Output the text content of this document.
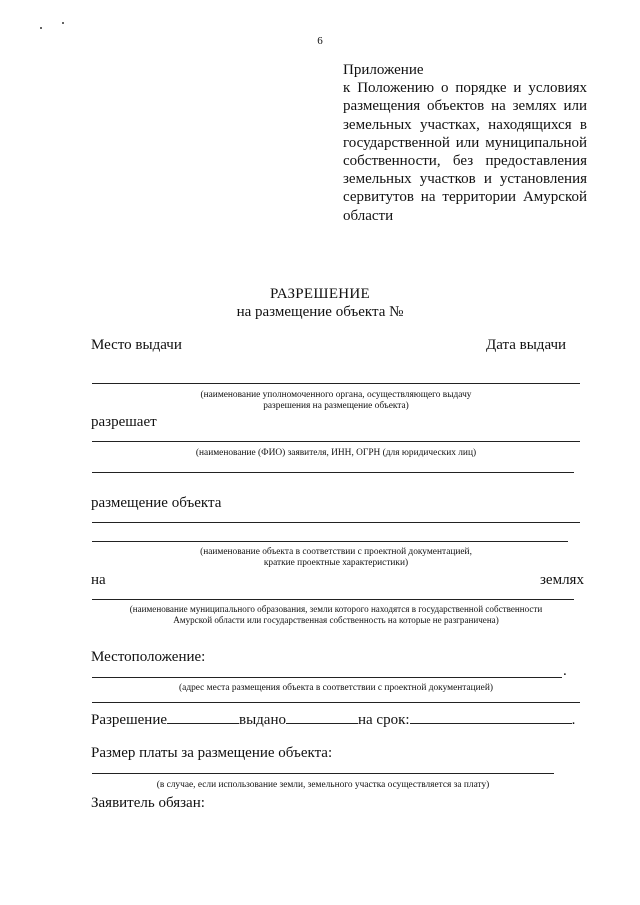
6
Приложение
к Положению о порядке и условиях
размещения объектов на землях или
земельных участках, находящихся в
государственной или муниципальной
собственности, без предоставления
земельных участков и установления
сервитутов на территории Амурской
области
РАЗРЕШЕНИЕ
на размещение объекта №
Место выдачи	Дата выдачи
(наименование уполномоченного органа, осуществляющего выдачу
разрешения на размещение объекта)
разрешает
(наименование (ФИО) заявителя, ИНН, ОГРН (для юридических лиц)
размещение объекта
(наименование объекта в соответствии с проектной документацией,
краткие проектные характеристики)
на	землях
(наименование муниципального образования, земли которого находятся в государственной собственности
Амурской области или государственная собственность на которые не разграничена)
Местоположение:
.
(адрес места размещения объекта в соответствии с проектной документацией)
Разрешение	выдано	на срок:	.
Размер платы за размещение объекта:
(в случае, если использование земли, земельного участка осуществляется за плату)
Заявитель обязан:
